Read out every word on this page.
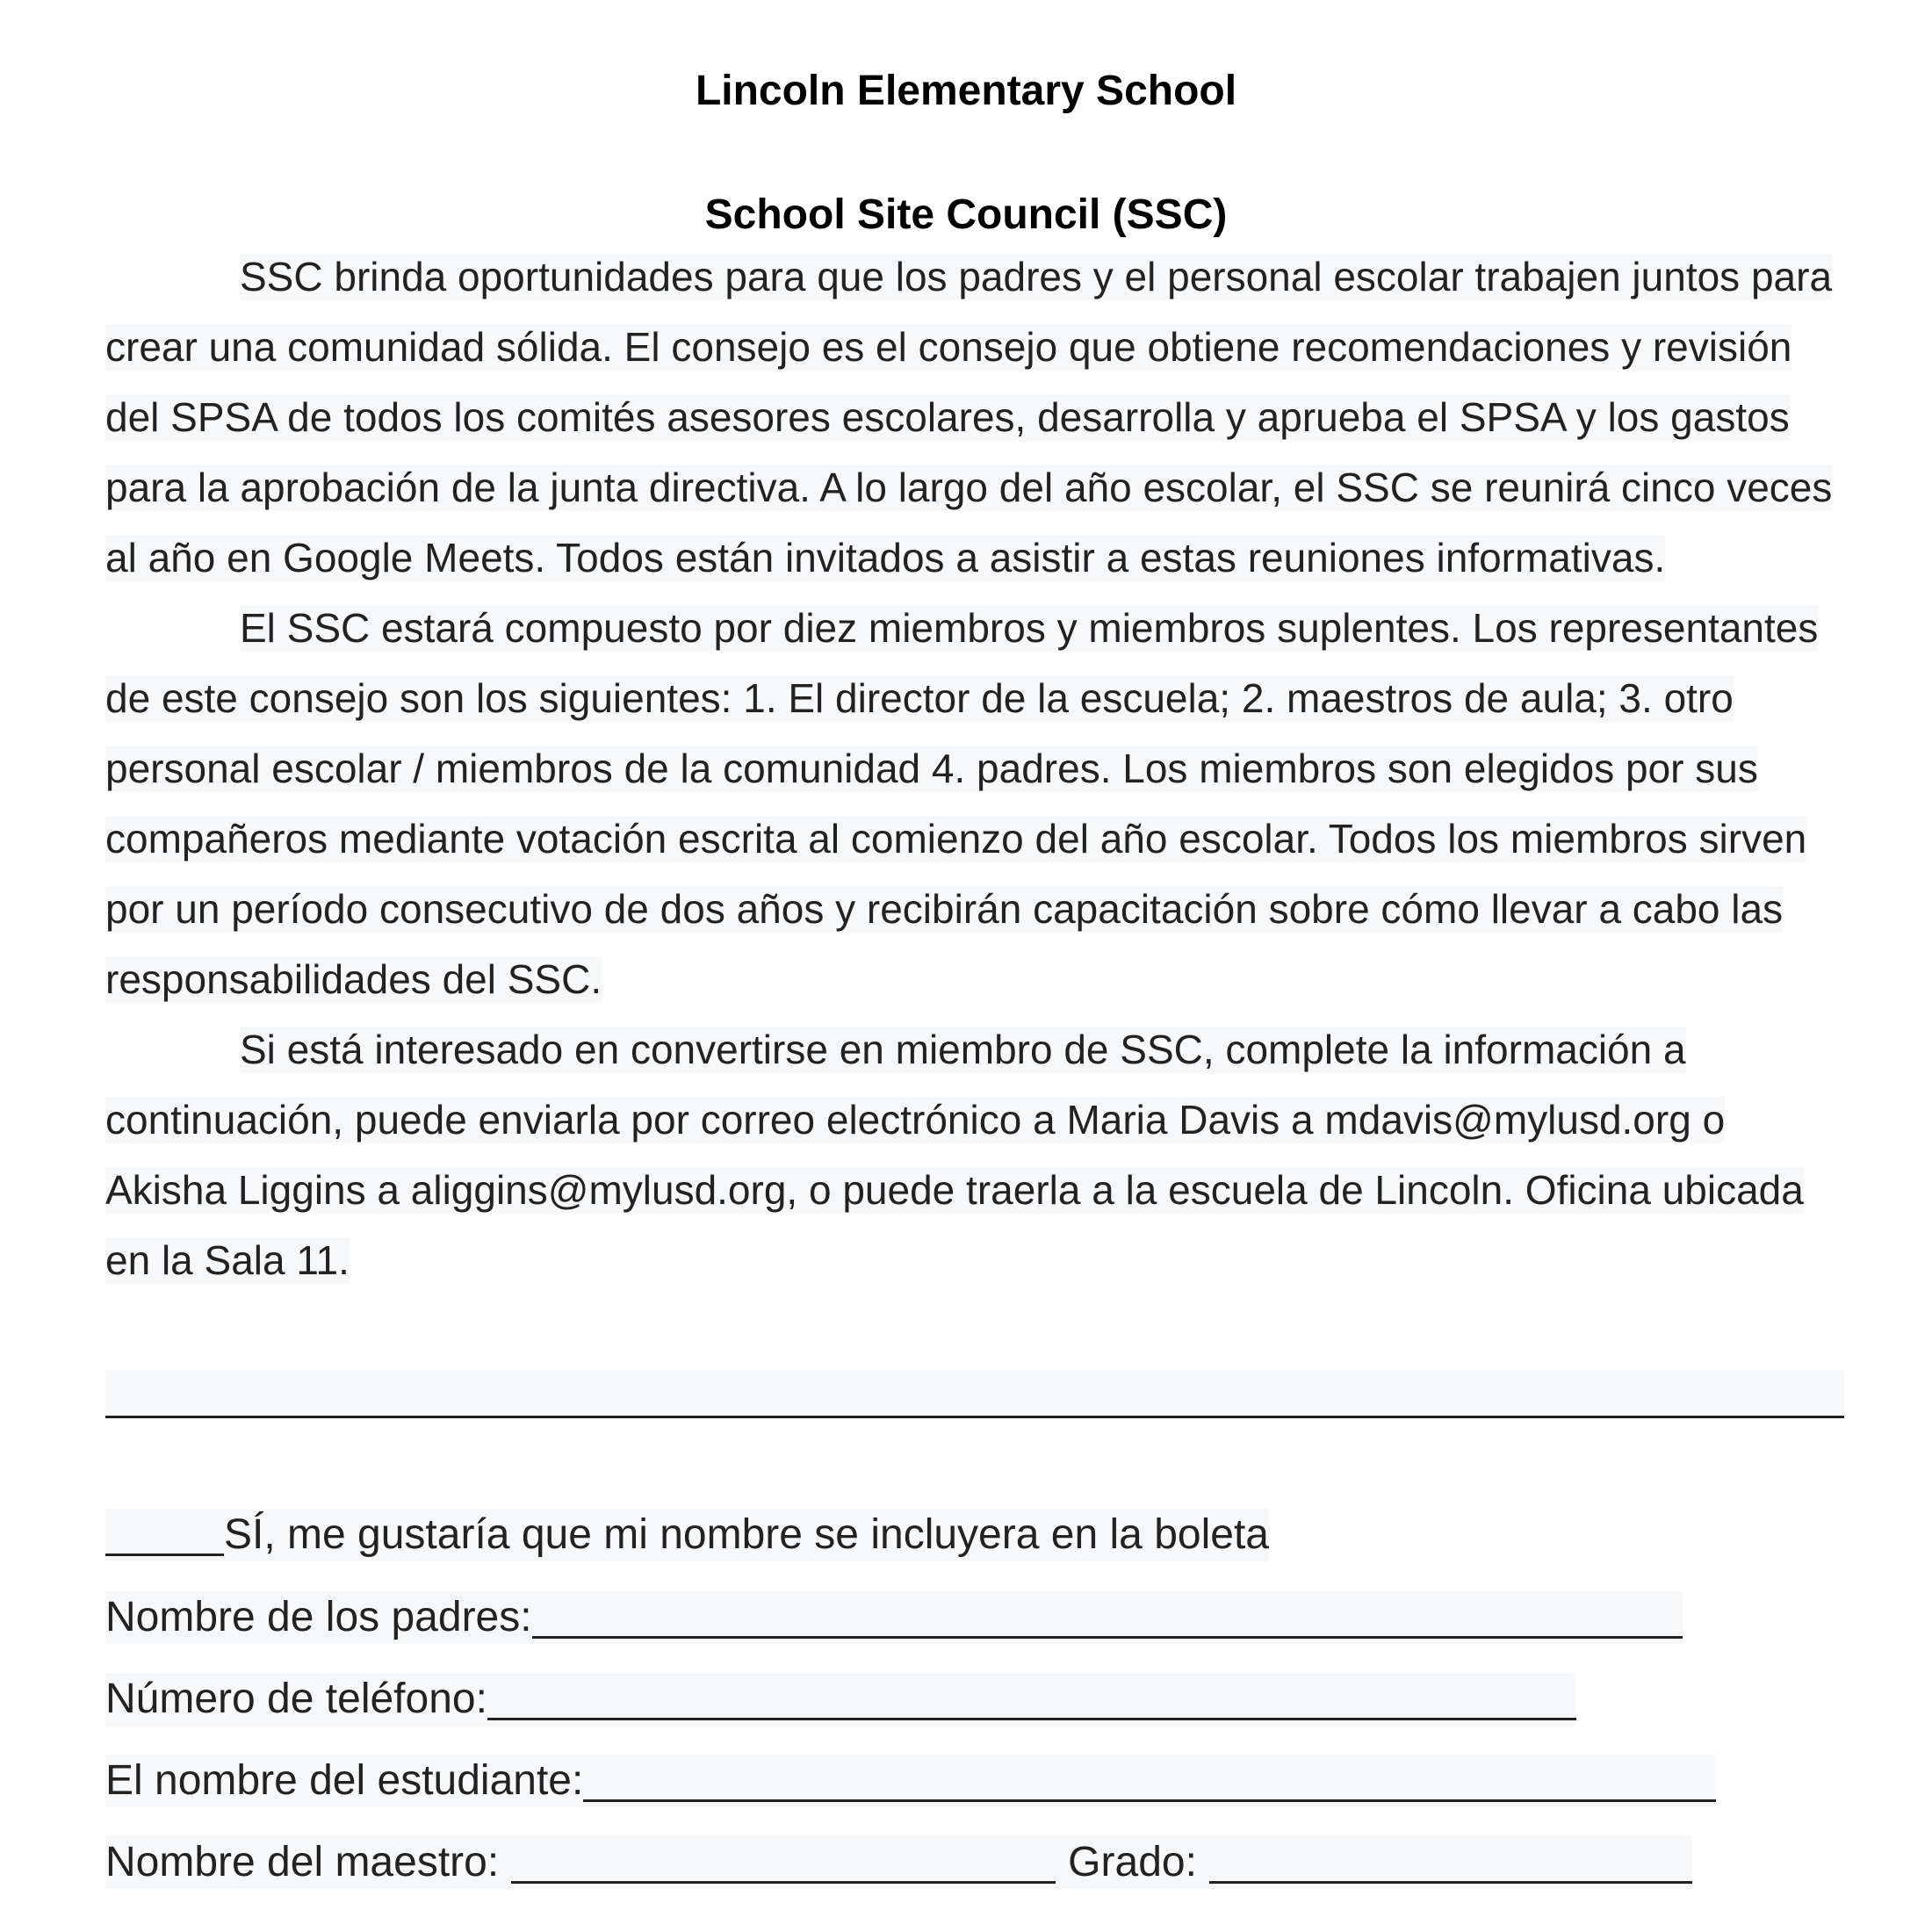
Lincoln Elementary School
School Site Council (SSC)

SSC brinda oportunidades para que los padres y el personal escolar trabajen juntos para crear una comunidad sólida. El consejo es el consejo que obtiene recomendaciones y revisión del SPSA de todos los comités asesores escolares, desarrolla y aprueba el SPSA y los gastos para la aprobación de la junta directiva. A lo largo del año escolar, el SSC se reunirá cinco veces al año en Google Meets. Todos están invitados a asistir a estas reuniones informativas.

El SSC estará compuesto por diez miembros y miembros suplentes. Los representantes de este consejo son los siguientes: 1. El director de la escuela; 2. maestros de aula; 3. otro personal escolar / miembros de la comunidad 4. padres. Los miembros son elegidos por sus compañeros mediante votación escrita al comienzo del año escolar. Todos los miembros sirven por un período consecutivo de dos años y recibirán capacitación sobre cómo llevar a cabo las responsabilidades del SSC.

Si está interesado en convertirse en miembro de SSC, complete la información a continuación, puede enviarla por correo electrónico a Maria Davis a mdavis@mylusd.org o Akisha Liggins a aliggins@mylusd.org, o puede traerla a la escuela de Lincoln. Oficina ubicada en la Sala 11.

SÍ, me gustaría que mi nombre se incluyera en la boleta
Nombre de los padres:
Número de teléfono:
El nombre del estudiante:
Nombre del maestro:	Grado:
